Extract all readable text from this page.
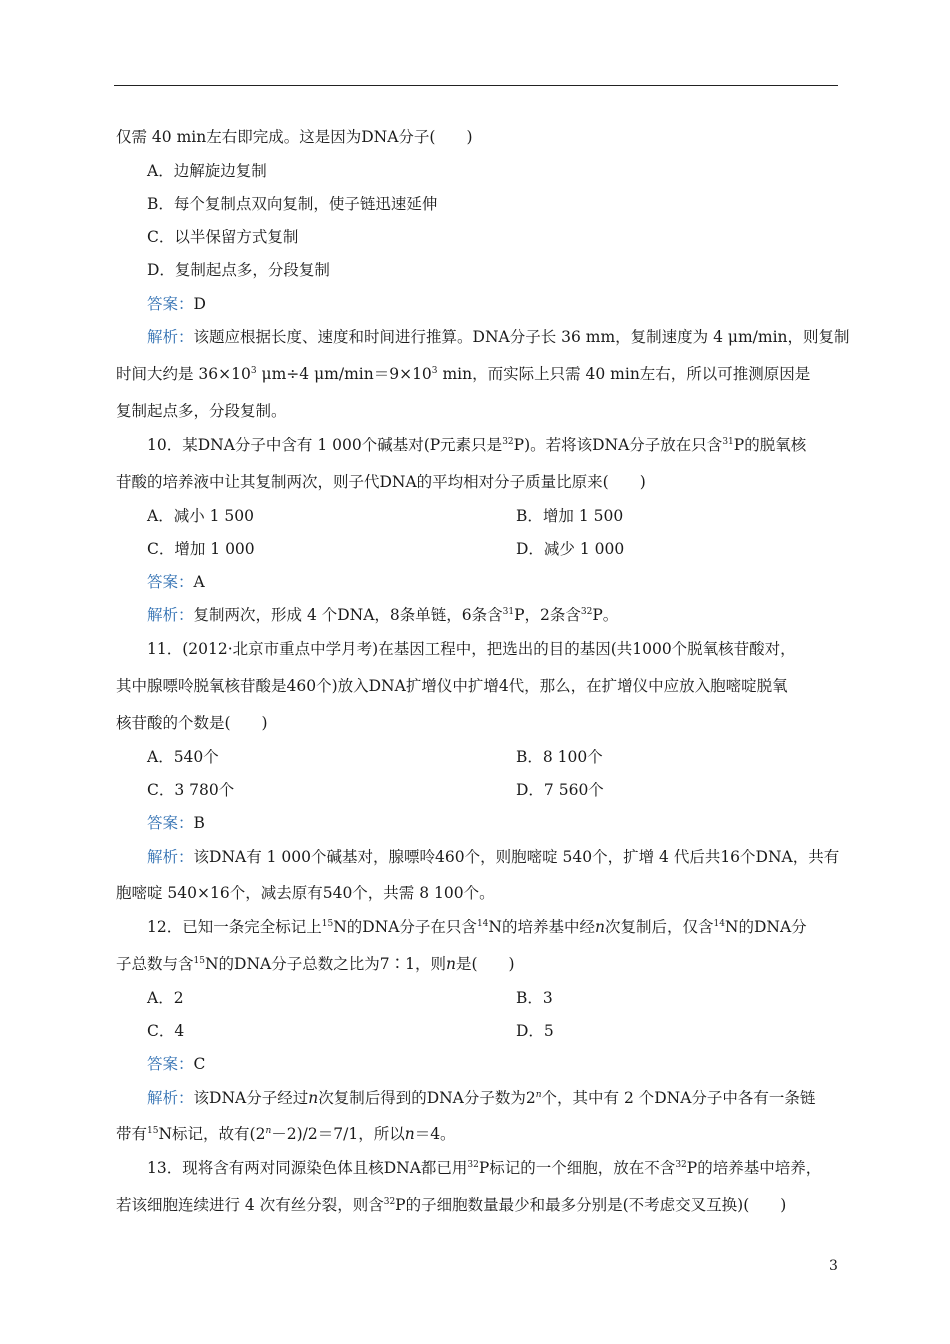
仅需 40 min左右即完成。这是因为DNA分子(　　)
A．边解旋边复制
B．每个复制点双向复制，使子链迅速延伸
C．以半保留方式复制
D．复制起点多，分段复制
答案：D
解析：该题应根据长度、速度和时间进行推算。DNA分子长 36 mm，复制速度为 4 μm/min，则复制
时间大约是 $36\times 10^3$ μm÷4 $\mu m/\min=9\times 10^3$ min，而实际上只需 40 min左右，所以可推测原因是
复制起点多，分段复制。
10．某DNA分子中含有 1 000个碱基对(P元素只是$^{32}$P)。若将该DNA分子放在只含$^{31}$P的脱氧核
苷酸的培养液中让其复制两次，则子代DNA的平均相对分子质量比原来(　　)
A．减小 1 500	B．增加 1 500
C．增加 1 000	D．减少 1 000
答案：A
解析：复制两次，形成 4 个DNA，8条单链，6条含$^{31}$P，2条含$^{32}$P。
11．(2012·北京市重点中学月考)在基因工程中，把选出的目的基因(共1000个脱氧核苷酸对，
其中腺嘌呤脱氧核苷酸是460个)放入DNA扩增仪中扩增4代，那么，在扩增仪中应放入胞嘧啶脱氧
核苷酸的个数是(　　)
A．540个	B．8 100个
C．3 780个	D．7 560个
答案：B
解析：该DNA有 1 000个碱基对，腺嘌呤460个，则胞嘧啶 540个，扩增 4 代后共16个DNA，共有
胞嘧啶 540×16个，减去原有540个，共需 8 100个。
12．已知一条完全标记上$^{15}$N的DNA分子在只含$^{14}$N的培养基中经n次复制后，仅含$^{14}$N的DNA分
子总数与含$^{15}$N的DNA分子总数之比为7∶1，则n是(　　)
A．2	B．3
C．4	D．5
答案：C
解析：该DNA分子经过n次复制后得到的DNA分子数为2$^n$个，其中有 2 个DNA分子中各有一条链
带有$^{15}$N标记，故有$(2^n-2)/2=7/1$，所以n＝4。
13．现将含有两对同源染色体且核DNA都已用$^{32}$P标记的一个细胞，放在不含$^{32}$P的培养基中培养，
若该细胞连续进行 4 次有丝分裂，则含$^{32}$P的子细胞数量最少和最多分别是(不考虑交叉互换)(　　)
3
